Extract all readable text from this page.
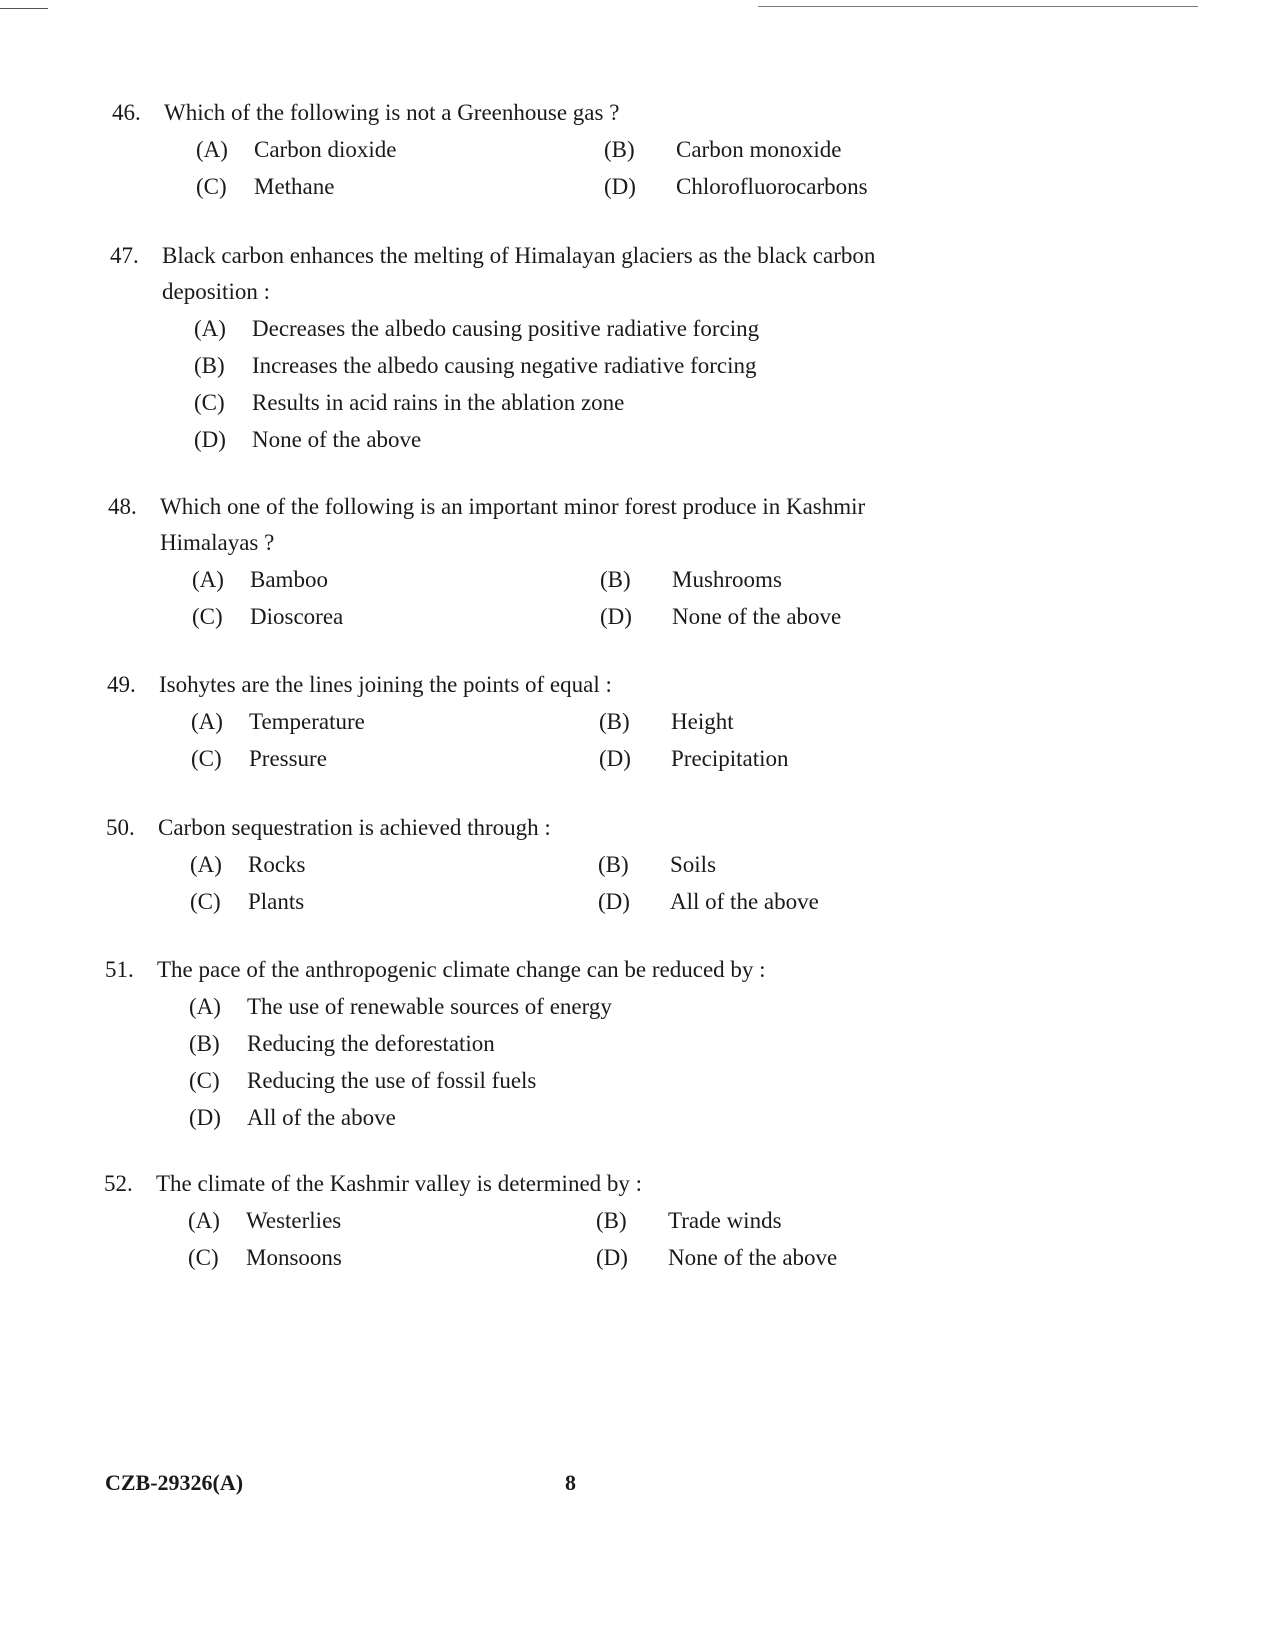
46.	Which of the following is not a Greenhouse gas ?
(A)	Carbon dioxide	(B)	Carbon monoxide
(C)	Methane	(D)	Chlorofluorocarbons
47.	Black carbon enhances the melting of Himalayan glaciers as the black carbon deposition :
(A)	Decreases the albedo causing positive radiative forcing
(B)	Increases the albedo causing negative radiative forcing
(C)	Results in acid rains in the ablation zone
(D)	None of the above
48.	Which one of the following is an important minor forest produce in Kashmir Himalayas ?
(A)	Bamboo	(B)	Mushrooms
(C)	Dioscorea	(D)	None of the above
49.	Isohytes are the lines joining the points of equal :
(A)	Temperature	(B)	Height
(C)	Pressure	(D)	Precipitation
50.	Carbon sequestration is achieved through :
(A)	Rocks	(B)	Soils
(C)	Plants	(D)	All of the above
51.	The pace of the anthropogenic climate change can be reduced by :
(A)	The use of renewable sources of energy
(B)	Reducing the deforestation
(C)	Reducing the use of fossil fuels
(D)	All of the above
52.	The climate of the Kashmir valley is determined by :
(A)	Westerlies	(B)	Trade winds
(C)	Monsoons	(D)	None of the above
CZB-29326(A)	8
